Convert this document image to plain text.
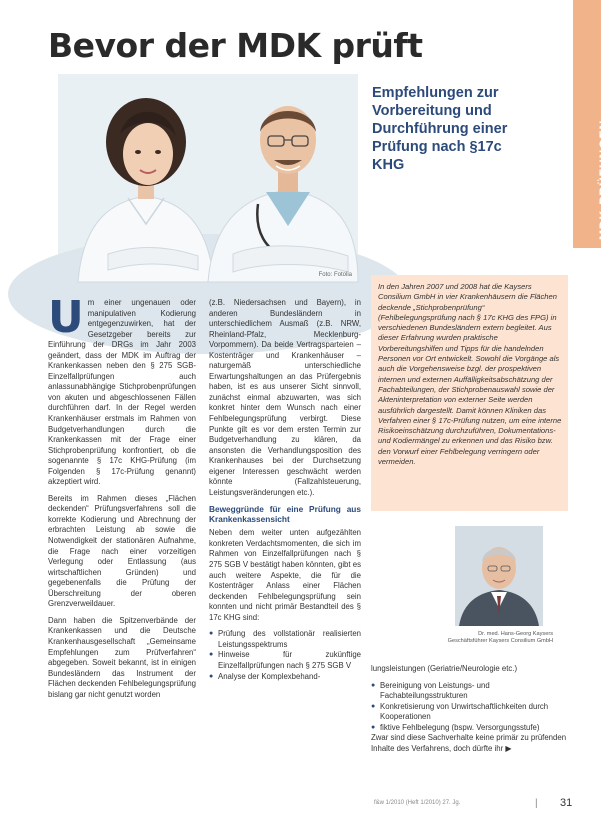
MDK-PRÜFUNGEN
Bevor der MDK prüft
Foto: Fotolia
Empfehlungen zur Vorbereitung und Durchführung einer Prüfung nach §17c KHG
In den Jahren 2007 und 2008 hat die Kaysers Consilium GmbH in vier Krankenhäusern die Flächen deckende „Stichprobenprüfung“ (Fehlbelegungsprüfung nach § 17c KHG des FPG) in verschiedenen Bundesländern extern begleitet. Aus dieser Erfahrung wurden praktische Vorbereitungshilfen und Tipps für die handelnden Personen vor Ort entwickelt. Sowohl die Vorgänge als auch die Vorgehensweise bzgl. der prospektiven internen und externen Auffälligkeitsabschätzung der Fachabteilungen, der Stichprobenauswahl sowie der Akteninterpretation von externer Seite werden ausführlich dargestellt. Damit können Kliniken das Verfahren einer § 17c-Prüfung nutzen, um eine interne Risikoeinschätzung durchzuführen, Dokumentations- und Kodiermängel zu erkennen und das Risiko bzw. den Vorwurf einer Fehlbelegung verringern oder vermeiden.
U m einer ungenauen oder manipulativen Kodierung entgegenzuwirken, hat der Gesetzgeber bereits zur Einführung der DRGs im Jahr 2003 geändert, dass der MDK im Auftrag der Krankenkassen neben den § 275 SGB-Einzelfallprüfungen auch anlassunabhängige Stichprobenprüfungen von akuten und abgeschlossenen Fällen durchführen darf. In der Regel werden Krankenhäuser erstmals im Rahmen von Budgetverhandlungen durch die Krankenkassen mit der Frage einer Stichprobenprüfung konfrontiert, ob die sogenannte § 17c KHG-Prüfung (im Folgenden § 17c-Prüfung genannt) akzeptiert wird.

Bereits im Rahmen dieses „Flächen deckenden“ Prüfungsverfahrens soll die korrekte Kodierung und Abrechnung der erbrachten Leistung ab sowie die Notwendigkeit der stationären Aufnahme, die Frage nach einer vorzeitigen Verlegung oder Entlassung (aus wirtschaftlichen Gründen) und gegebenenfalls die Prüfung der Überschreitung der oberen Grenzverweildauer.

Dann haben die Spitzenverbände der Krankenkassen und die Deutsche Krankenhausgesellschaft „Gemeinsame Empfehlungen zum Prüfverfahren“ abgegeben. Soweit bekannt, ist in einigen Bundesländern das Instrument der Flächen deckenden Fehlbelegungsprüfung bislang gar nicht genutzt worden

(z.B. Niedersachsen und Bayern), in anderen Bundesländern in unterschiedlichem Ausmaß (z.B. NRW, Rheinland-Pfalz, Mecklenburg-Vorpommern). Da beide Vertragsparteien – Kostenträger und Krankenhäuser – naturgemäß unterschiedliche Erwartungshaltungen an das Prüfergebnis haben, ist es aus unserer Sicht sinnvoll, zunächst einmal abzuwarten, was sich konkret hinter dem Wunsch nach einer Fehlbelegungsprüfung verbirgt. Diese Punkte gilt es vor dem ersten Termin zur Budgetverhandlung zu klären, da ansonsten die Verhandlungsposition des Krankenhauses bei der Durchsetzung eigener Interessen geschwächt werden könnte (Fallzahlsteuerung, Leistungsveränderungen etc.).

Beweggründe für eine Prüfung aus Krankenkassensicht

Neben dem weiter unten aufgezählten konkreten Verdachtsmomenten, die sich im Rahmen von Einzelfallprüfungen nach § 275 SGB V bestätigt haben könnten, gibt es auch weitere Aspekte, die für die Kostenträger Anlass einer Flächen deckenden Fehlbelegungsprüfung sein konnten und nicht primär Bestandteil des § 17c KHG sind:

● Prüfung des vollstationär realisierten Leistungsspektrums
● Hinweise für zukünftige Einzelfallprüfungen nach § 275 SGB V
● Analyse der Komplexbehand-
Dr. med. Hans-Georg Kaysers
Geschäftsführer Kaysers Consilium GmbH

lungsleistungen (Geriatrie/Neurologie etc.)

● Bereinigung von Leistungs- und Fachabteilungsstrukturen
● Konkretisierung von Unwirtschaftlichkeiten durch Kooperationen
● fiktive Fehlbelegung (bspw. Versorgungsstufe)

Zwar sind diese Sachverhalte keine primär zu prüfenden Inhalte des Verfahrens, doch dürfte ihr ▶

f&w 1/2010 (Heft 1/2010) 27. Jg.	| 31
